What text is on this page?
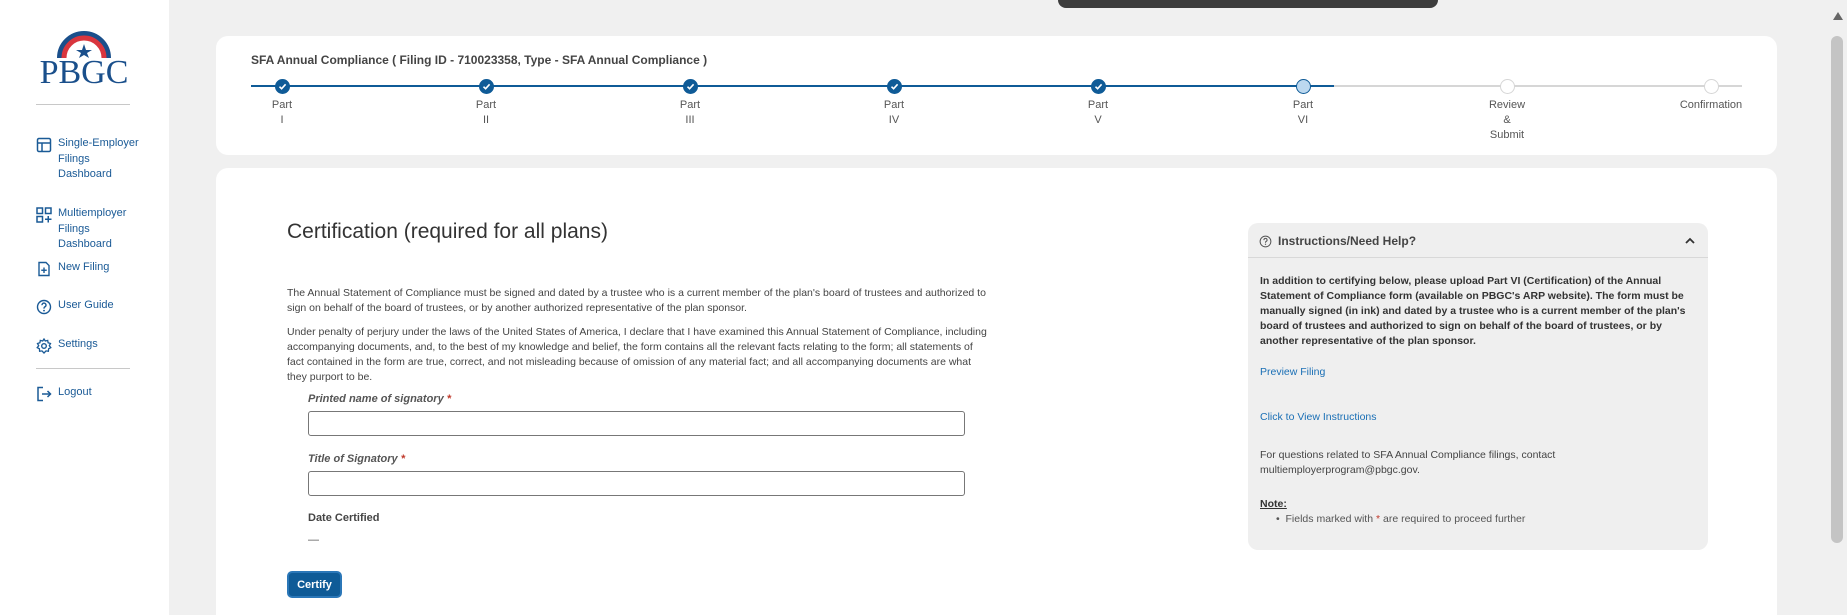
PBGC
Single-Employer Filings Dashboard
Multiemployer Filings Dashboard
New Filing
User Guide
Settings
Logout
SFA Annual Compliance ( Filing ID - 710023358, Type - SFA Annual Compliance )
Part
I
Part
II
Part
III
Part
IV
Part
V
Part
VI
Review
&
Submit
Confirmation
Certification (required for all plans)
The Annual Statement of Compliance must be signed and dated by a trustee who is a current member of the plan's board of trustees and authorized to sign on behalf of the board of trustees, or by another authorized representative of the plan sponsor.
Under penalty of perjury under the laws of the United States of America, I declare that I have examined this Annual Statement of Compliance, including accompanying documents, and, to the best of my knowledge and belief, the form contains all the relevant facts relating to the form; all statements of fact contained in the form are true, correct, and not misleading because of omission of any material fact; and all accompanying documents are what they purport to be.
Printed name of signatory *
Title of Signatory *
Date Certified
—
Certify
Instructions/Need Help?
In addition to certifying below, please upload Part VI (Certification) of the Annual Statement of Compliance form (available on PBGC's ARP website). The form must be manually signed (in ink) and dated by a trustee who is a current member of the plan's board of trustees and authorized to sign on behalf of the board of trustees, or by another representative of the plan sponsor.
Preview Filing
Click to View Instructions
For questions related to SFA Annual Compliance filings, contact multiemployerprogram@pbgc.gov.
Note:
•  Fields marked with * are required to proceed further
